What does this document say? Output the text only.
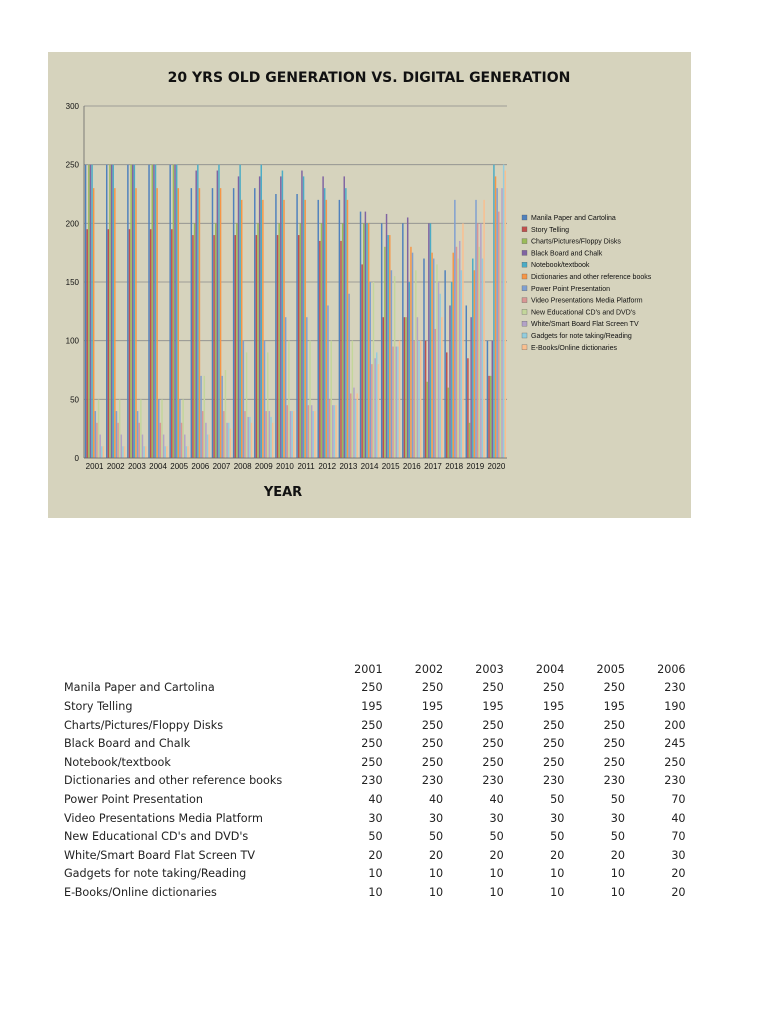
20 YRS OLD GENERATION VS. DIGITAL GENERATION
0
50
100
150
200
250
300
2001 2002 2003 2004 2005 2006 2007 2008 2009 2010 2011 2012 2013 2014 2015 2016 2017 2018 2019 2020
Manila Paper and Cartolina
Story Telling
Charts/Pictures/Floppy Disks
Black Board and Chalk
Notebook/textbook
Dictionaries and other reference books
Power Point Presentation
Video Presentations Media Platform
New Educational CD's and DVD's
White/Smart Board Flat Screen TV
Gadgets for note taking/Reading
E-Books/Online dictionaries
YEAR
	2001	2002	2003	2004	2005	2006
Manila Paper and Cartolina	250	250	250	250	250	230
Story Telling	195	195	195	195	195	190
Charts/Pictures/Floppy Disks	250	250	250	250	250	200
Black Board and Chalk	250	250	250	250	250	245
Notebook/textbook	250	250	250	250	250	250
Dictionaries and other reference books	230	230	230	230	230	230
Power Point Presentation	40	40	40	50	50	70
Video Presentations Media Platform	30	30	30	30	30	40
New Educational CD's and DVD's	50	50	50	50	50	70
White/Smart Board Flat Screen TV	20	20	20	20	20	30
Gadgets for note taking/Reading	10	10	10	10	10	20
E-Books/Online dictionaries	10	10	10	10	10	20
